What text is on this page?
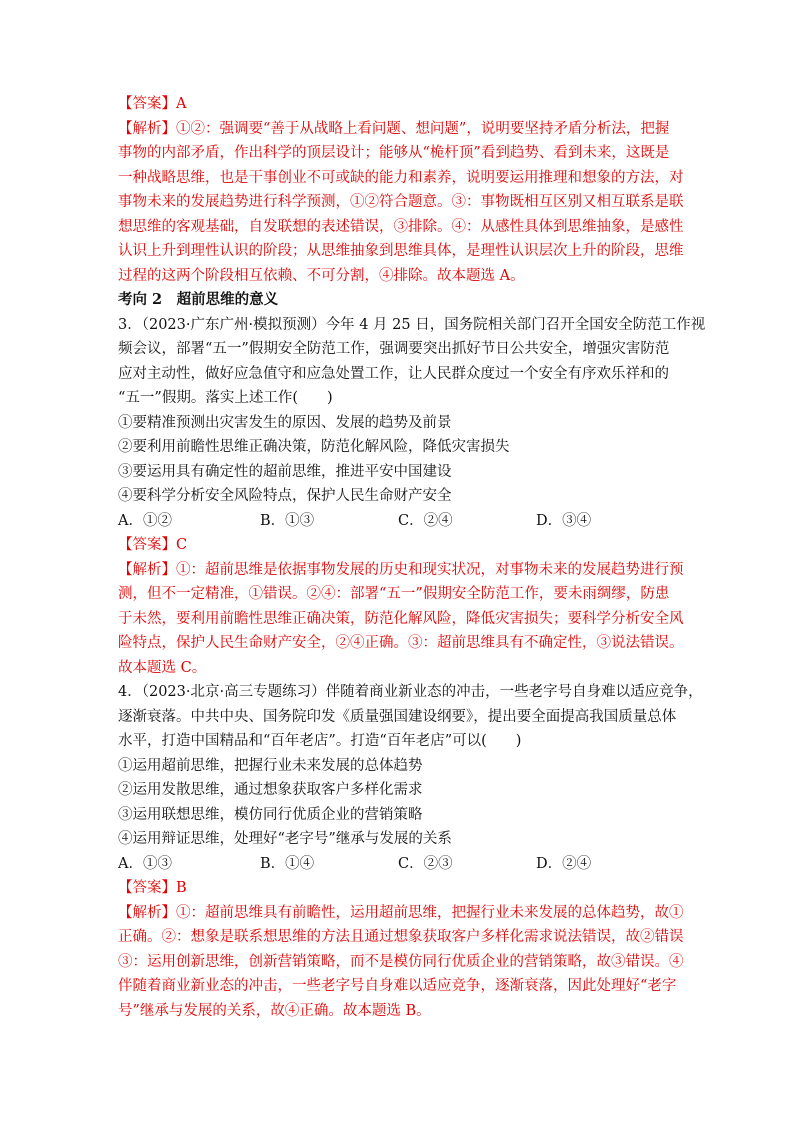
【答案】A
【解析】①②：强调要“善于从战略上看问题、想问题”，说明要坚持矛盾分析法，把握
事物的内部矛盾，作出科学的顶层设计；能够从“桅杆顶”看到趋势、看到未来，这既是
一种战略思维，也是干事创业不可或缺的能力和素养，说明要运用推理和想象的方法，对
事物未来的发展趋势进行科学预测，①②符合题意。③：事物既相互区别又相互联系是联
想思维的客观基础，自发联想的表述错误，③排除。④：从感性具体到思维抽象，是感性
认识上升到理性认识的阶段；从思维抽象到思维具体，是理性认识层次上升的阶段，思维
过程的这两个阶段相互依赖、不可分割，④排除。故本题选 A。
考向 2　超前思维的意义
3．（2023·广东广州·模拟预测）今年 4 月 25 日，国务院相关部门召开全国安全防范工作视
频会议，部署“五一”假期安全防范工作，强调要突出抓好节日公共安全，增强灾害防范
应对主动性，做好应急值守和应急处置工作，让人民群众度过一个安全有序欢乐祥和的
“五一”假期。落实上述工作(　　)
①要精准预测出灾害发生的原因、发展的趋势及前景
②要利用前瞻性思维正确决策，防范化解风险，降低灾害损失
③要运用具有确定性的超前思维，推进平安中国建设
④要科学分析安全风险特点，保护人民生命财产安全
A．①②	B．①③	C．②④	D．③④
【答案】C
【解析】①：超前思维是依据事物发展的历史和现实状况，对事物未来的发展趋势进行预
测，但不一定精准，①错误。②④：部署“五一”假期安全防范工作，要未雨绸缪，防患
于未然，要利用前瞻性思维正确决策，防范化解风险，降低灾害损失；要科学分析安全风
险特点，保护人民生命财产安全，②④正确。③：超前思维具有不确定性，③说法错误。
故本题选 C。
4．（2023·北京·高三专题练习）伴随着商业新业态的冲击，一些老字号自身难以适应竞争，
逐渐衰落。中共中央、国务院印发《质量强国建设纲要》，提出要全面提高我国质量总体
水平，打造中国精品和“百年老店”。打造“百年老店”可以(　　)
①运用超前思维，把握行业未来发展的总体趋势
②运用发散思维，通过想象获取客户多样化需求
③运用联想思维，模仿同行优质企业的营销策略
④运用辩证思维，处理好“老字号”继承与发展的关系
A．①③	B．①④	C．②③	D．②④
【答案】B
【解析】①：超前思维具有前瞻性，运用超前思维，把握行业未来发展的总体趋势，故①
正确。②：想象是联系想思维的方法且通过想象获取客户多样化需求说法错误，故②错误
③：运用创新思维，创新营销策略，而不是模仿同行优质企业的营销策略，故③错误。④
伴随着商业新业态的冲击，一些老字号自身难以适应竞争，逐渐衰落，因此处理好“老字
号”继承与发展的关系，故④正确。故本题选 B。
